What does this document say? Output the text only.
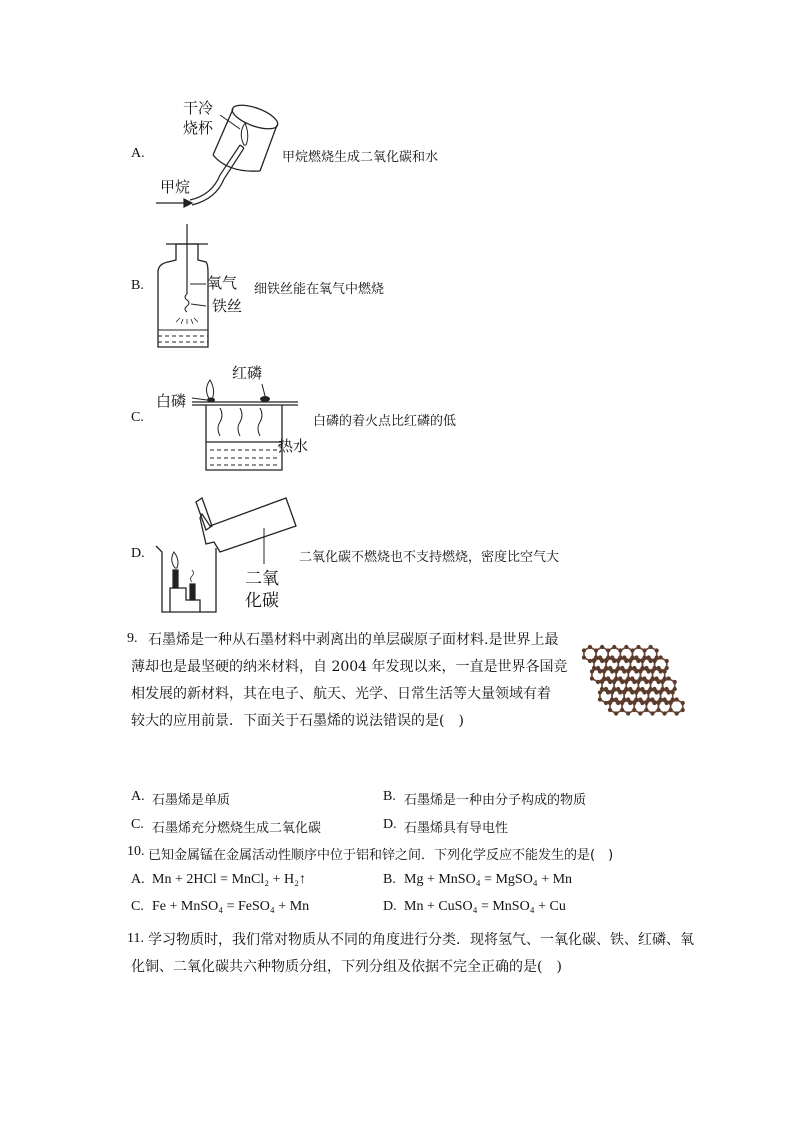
A.
干冷
烧杯
甲烷
甲烷燃烧生成二氧化碳和水
B.	氧气
铁丝
细铁丝能在氧气中燃烧
C.
红磷
白磷
热水
白磷的着火点比红磷的低
D.
二氧
化碳
二氧化碳不燃烧也不支持燃烧，密度比空气大
9. 石墨烯是一种从石墨材料中剥离出的单层碳原子面材料.是世界上最
薄却也是最坚硬的纳米材料，自 2004 年发现以来，一直是世界各国竞
相发展的新材料，其在电子、航天、光学、日常生活等大量领域有着
较大的应用前景．下面关于石墨烯的说法错误的是(　)
A. 石墨烯是单质	B. 石墨烯是一种由分子构成的物质
C. 石墨烯充分燃烧生成二氧化碳	D. 石墨烯具有导电性
10. 已知金属锰在金属活动性顺序中位于铝和锌之间．下列化学反应不能发生的是(　)
A. Mn + 2HCl = MnCl₂ + H₂↑	B. Mg + MnSO₄ = MgSO₄ + Mn
C. Fe + MnSO₄ = FeSO₄ + Mn	D. Mn + CuSO₄ = MnSO₄ + Cu
11. 学习物质时，我们常对物质从不同的角度进行分类．现将氢气、一氧化碳、铁、红磷、氧
化铜、二氧化碳共六种物质分组，下列分组及依据不完全正确的是(　)
